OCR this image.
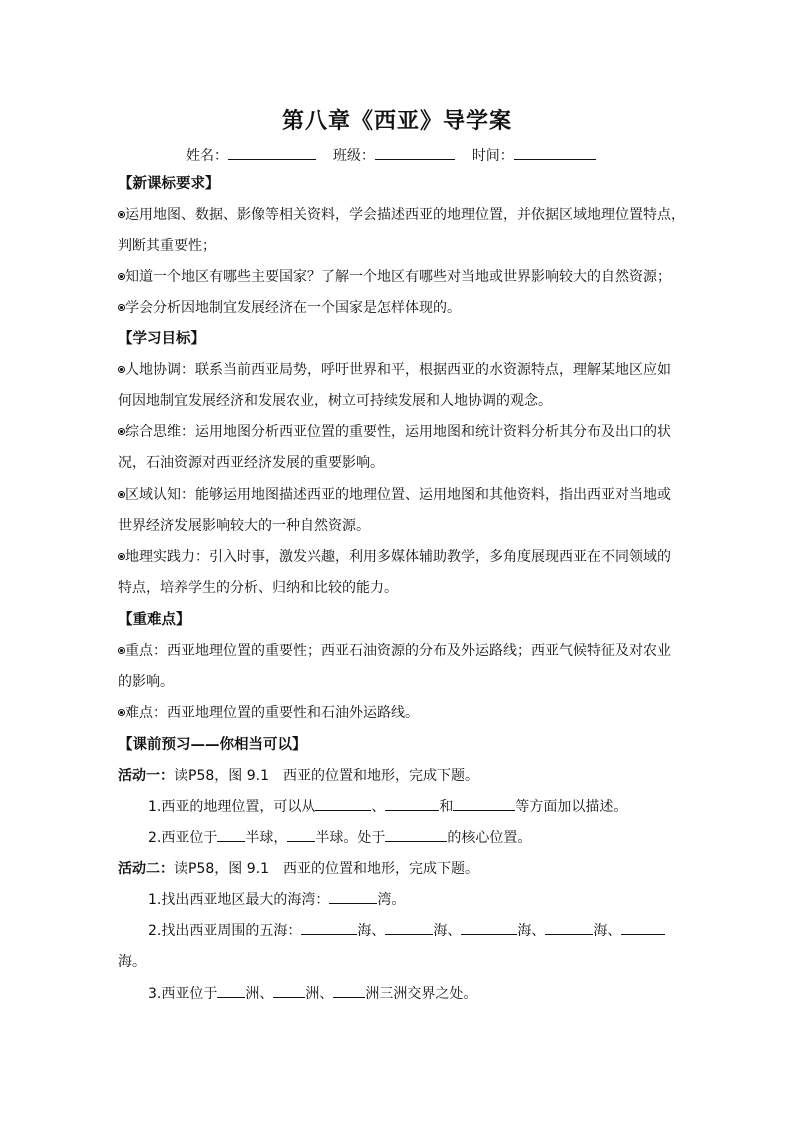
第八章《西亚》导学案
姓名：	班级：	时间：
【新课标要求】
运用地图、数据、影像等相关资料，学会描述西亚的地理位置，并依据区域地理位置特点，
判断其重要性；
知道一个地区有哪些主要国家？了解一个地区有哪些对当地或世界影响较大的自然资源；
学会分析因地制宜发展经济在一个国家是怎样体现的。
【学习目标】
人地协调：联系当前西亚局势，呼吁世界和平，根据西亚的水资源特点，理解某地区应如
何因地制宜发展经济和发展农业，树立可持续发展和人地协调的观念。
综合思维：运用地图分析西亚位置的重要性，运用地图和统计资料分析其分布及出口的状
况，石油资源对西亚经济发展的重要影响。
区域认知：能够运用地图描述西亚的地理位置、运用地图和其他资料，指出西亚对当地或
世界经济发展影响较大的一种自然资源。
地理实践力：引入时事，激发兴趣，利用多媒体辅助教学，多角度展现西亚在不同领域的
特点，培养学生的分析、归纳和比较的能力。
【重难点】
重点：西亚地理位置的重要性；西亚石油资源的分布及外运路线；西亚气候特征及对农业
的影响。
难点：西亚地理位置的重要性和石油外运路线。
【课前预习——你相当可以】
活动一：读P58，图 9.1　西亚的位置和地形，完成下题。
1.西亚的地理位置，可以从	、	和	等方面加以描述。
2.西亚位于 半球， 半球。处于	的核心位置。
活动二：读P58，图 9.1　西亚的位置和地形，完成下题。
1.找出西亚地区最大的海湾：	湾。
2.找出西亚周围的五海：	海、	海、	海、	海、
海。
3.西亚位于 洲、 洲、 洲三洲交界之处。
